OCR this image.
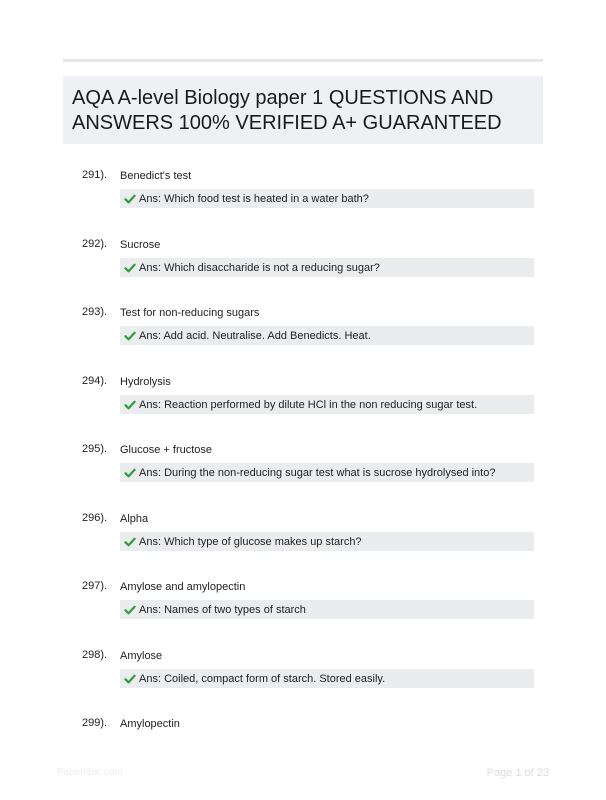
AQA A-level Biology paper 1 QUESTIONS AND
ANSWERS 100% VERIFIED A+ GUARANTEED
291). Benedict's test
Ans: Which food test is heated in a water bath?
292). Sucrose
Ans: Which disaccharide is not a reducing sugar?
293). Test for non-reducing sugars
Ans: Add acid. Neutralise. Add Benedicts. Heat.
294). Hydrolysis
Ans: Reaction performed by dilute HCl in the non reducing sugar test.
295). Glucose + fructose
Ans: During the non-reducing sugar test what is sucrose hydrolysed into?
296). Alpha
Ans: Which type of glucose makes up starch?
297). Amylose and amylopectin
Ans: Names of two types of starch
298). Amylose
Ans: Coiled, compact form of starch. Stored easily.
299). Amylopectin
Paperlibic.com	Page 1 of 23
